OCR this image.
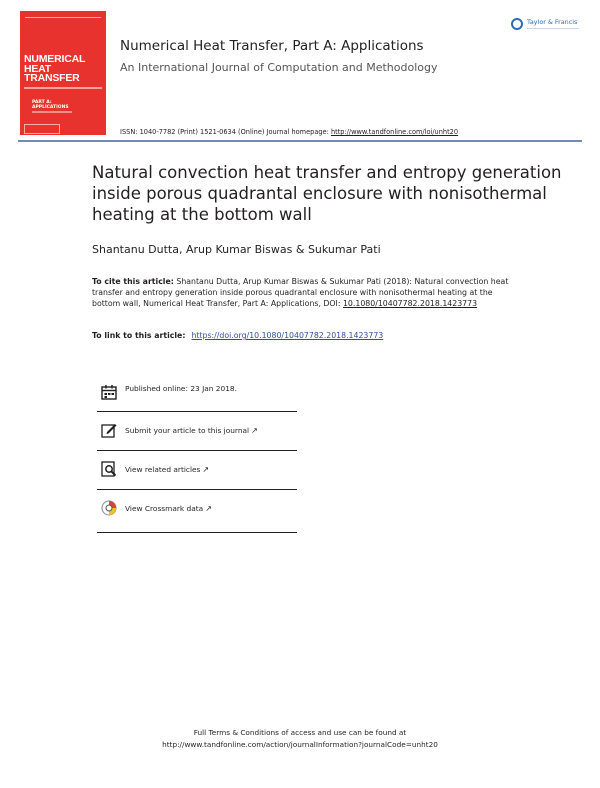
NUMERICAL
HEAT
TRANSFER
PART A:
APPLICATIONS
Numerical Heat Transfer, Part A: Applications
An International Journal of Computation and Methodology
ISSN: 1040-7782 (Print) 1521-0634 (Online) Journal homepage: http://www.tandfonline.com/loi/unht20
Taylor & Francis
Natural convection heat transfer and entropy generation inside porous quadrantal enclosure with nonisothermal heating at the bottom wall
Shantanu Dutta, Arup Kumar Biswas & Sukumar Pati
To cite this article: Shantanu Dutta, Arup Kumar Biswas & Sukumar Pati (2018): Natural convection heat transfer and entropy generation inside porous quadrantal enclosure with nonisothermal heating at the bottom wall, Numerical Heat Transfer, Part A: Applications, DOI: 10.1080/10407782.2018.1423773
To link to this article: https://doi.org/10.1080/10407782.2018.1423773
Published online: 23 Jan 2018.
Submit your article to this journal ↗
View related articles ↗
View Crossmark data ↗
Full Terms & Conditions of access and use can be found at
http://www.tandfonline.com/action/journalInformation?journalCode=unht20
